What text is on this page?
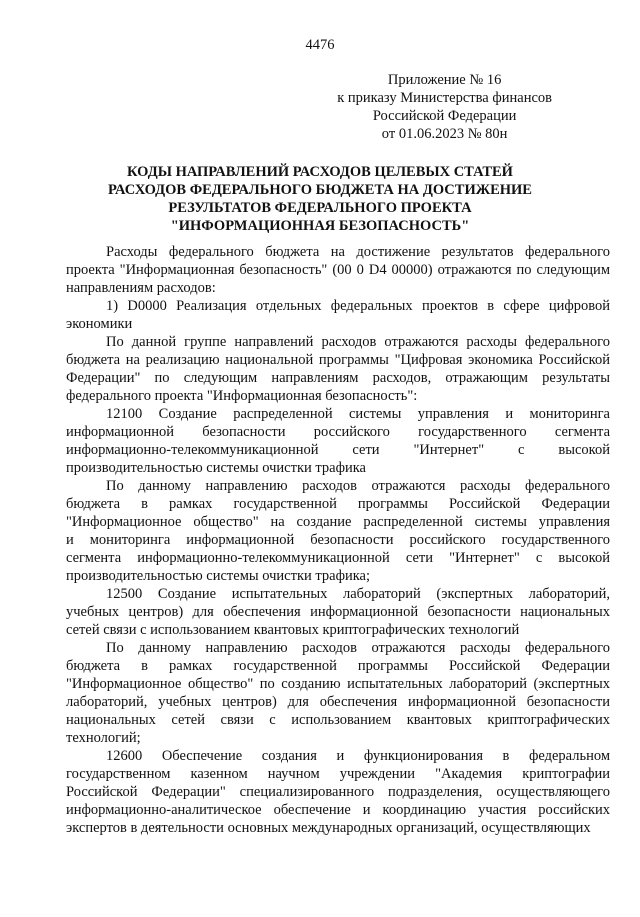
4476
Приложение № 16
к приказу Министерства финансов
Российской Федерации
от 01.06.2023 № 80н
КОДЫ НАПРАВЛЕНИЙ РАСХОДОВ ЦЕЛЕВЫХ СТАТЕЙ
РАСХОДОВ ФЕДЕРАЛЬНОГО БЮДЖЕТА НА ДОСТИЖЕНИЕ
РЕЗУЛЬТАТОВ ФЕДЕРАЛЬНОГО ПРОЕКТА
"ИНФОРМАЦИОННАЯ БЕЗОПАСНОСТЬ"
Расходы федерального бюджета на достижение результатов федерального
проекта "Информационная безопасность" (00 0 D4 00000) отражаются по следующим
направлениям расходов:
1) D0000 Реализация отдельных федеральных проектов в сфере цифровой
экономики
По данной группе направлений расходов отражаются расходы федерального
бюджета на реализацию национальной программы "Цифровая экономика Российской
Федерации" по следующим направлениям расходов, отражающим результаты
федерального проекта "Информационная безопасность":
12100 Создание распределенной системы управления и мониторинга
информационной безопасности российского государственного сегмента
информационно-телекоммуникационной сети "Интернет" с высокой
производительностью системы очистки трафика
По данному направлению расходов отражаются расходы федерального
бюджета в рамках государственной программы Российской Федерации
"Информационное общество" на создание распределенной системы управления
и мониторинга информационной безопасности российского государственного
сегмента информационно-телекоммуникационной сети "Интернет" с высокой
производительностью системы очистки трафика;
12500 Создание испытательных лабораторий (экспертных лабораторий,
учебных центров) для обеспечения информационной безопасности национальных
сетей связи с использованием квантовых криптографических технологий
По данному направлению расходов отражаются расходы федерального
бюджета в рамках государственной программы Российской Федерации
"Информационное общество" по созданию испытательных лабораторий (экспертных
лабораторий, учебных центров) для обеспечения информационной безопасности
национальных сетей связи с использованием квантовых криптографических
технологий;
12600 Обеспечение создания и функционирования в федеральном
государственном казенном научном учреждении "Академия криптографии
Российской Федерации" специализированного подразделения, осуществляющего
информационно-аналитическое обеспечение и координацию участия российских
экспертов в деятельности основных международных организаций, осуществляющих
